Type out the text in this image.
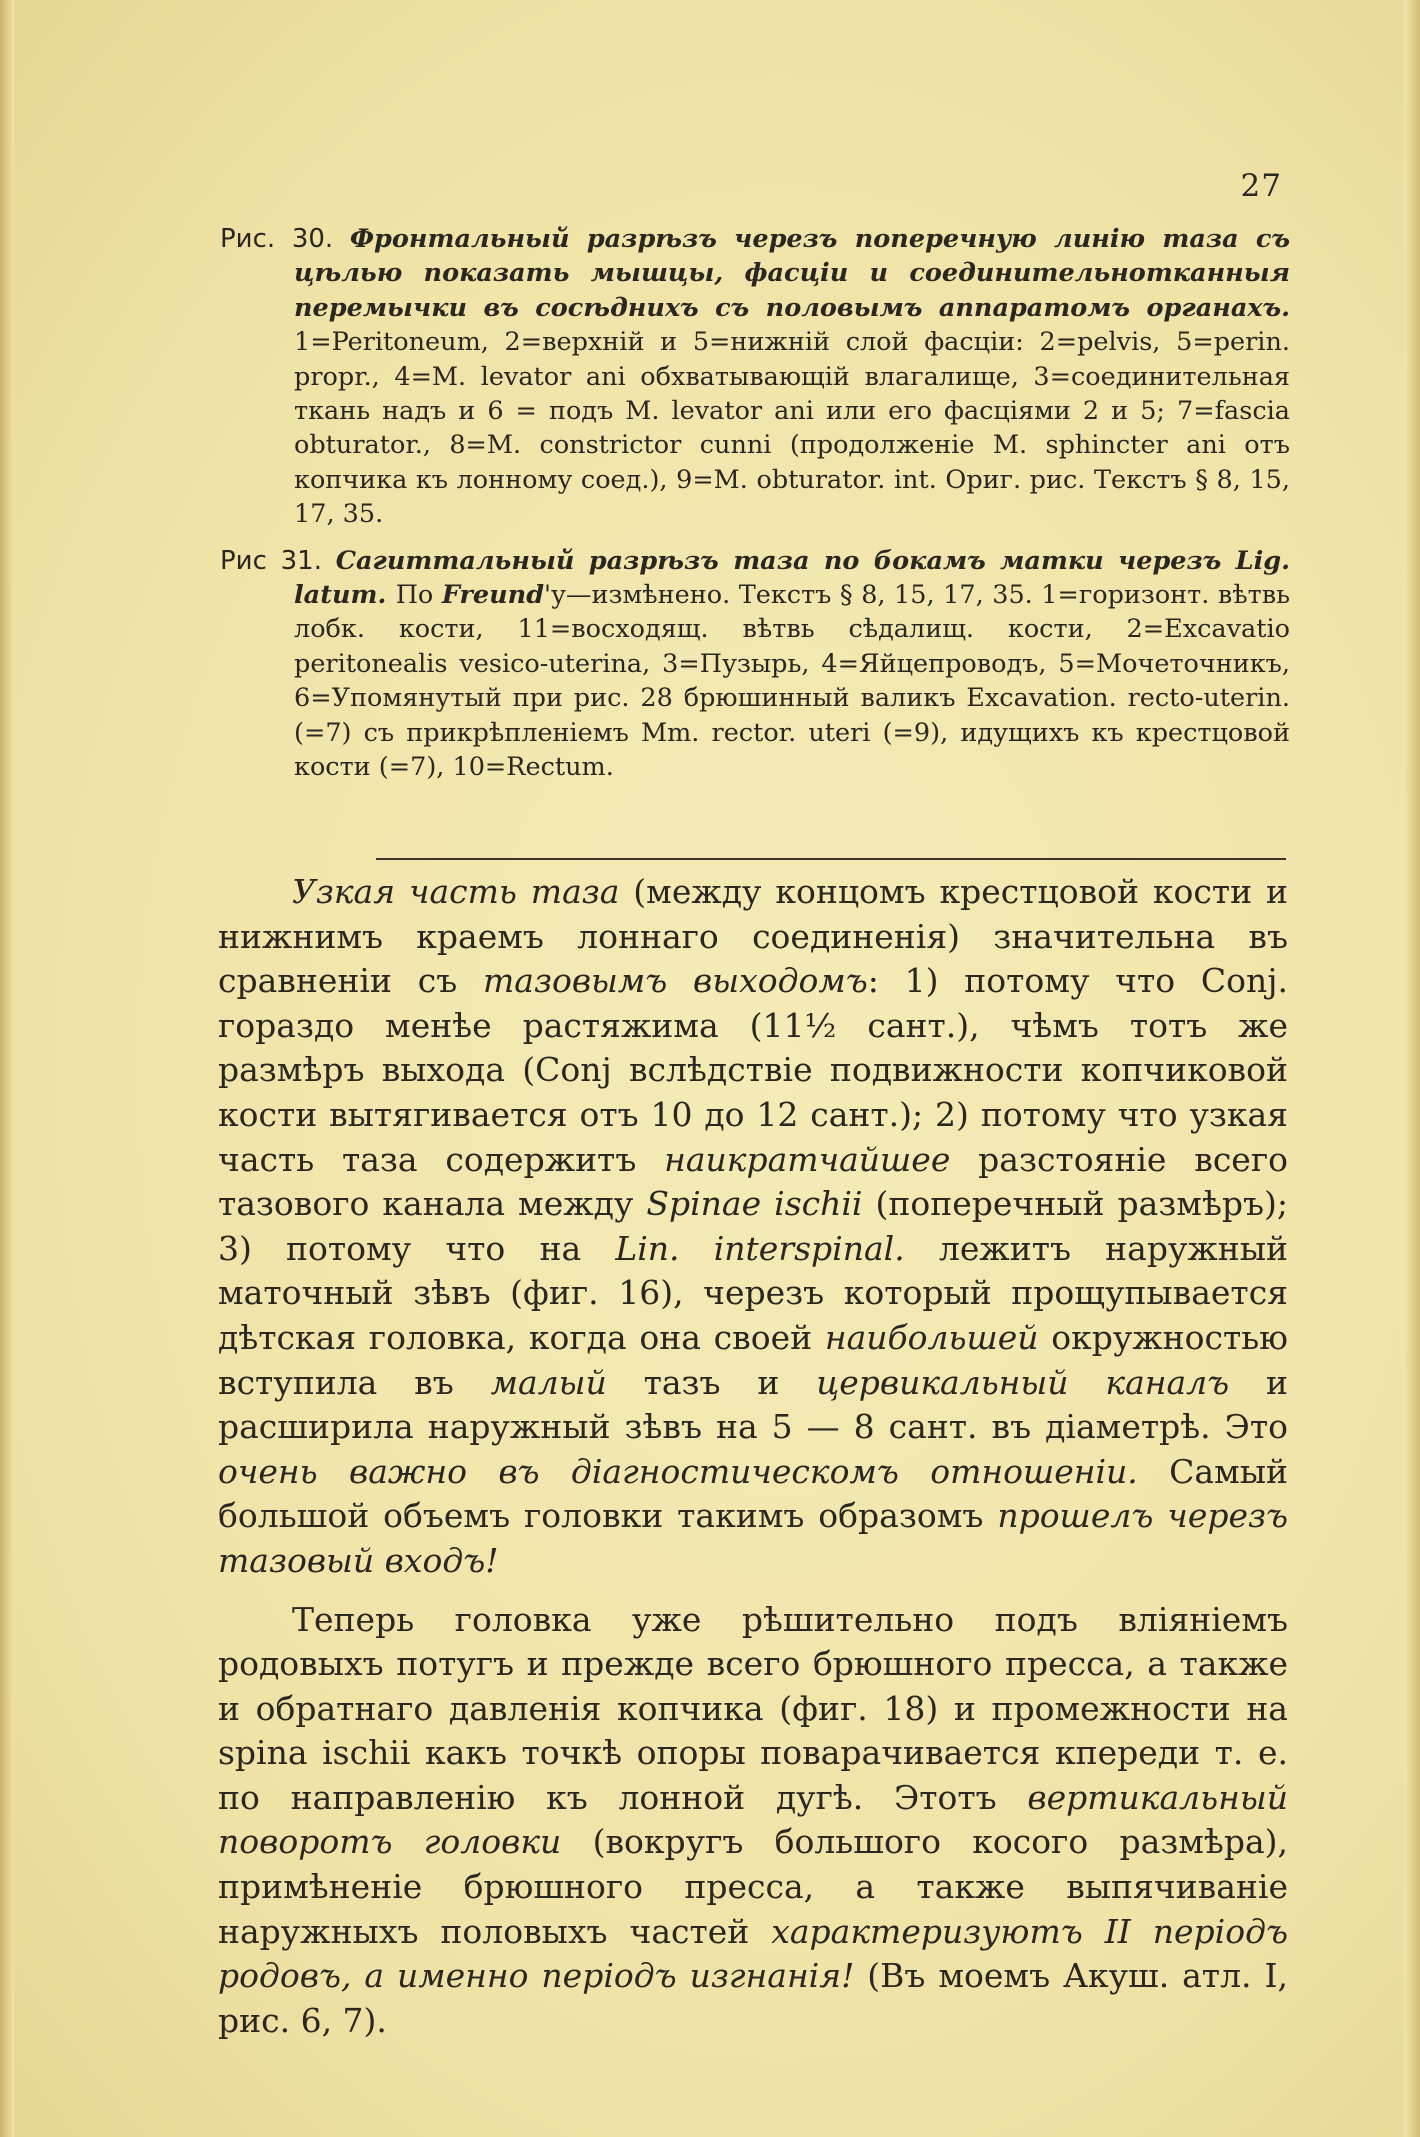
27
Рис. 30. Фронтальный разрѣзъ черезъ поперечную линію таза съ цѣлью показать мышцы, фасціи и соединительнотканныя перемычки въ сосѣднихъ съ половымъ аппаратомъ органахъ. 1=Peritoneum, 2=верхній и 5=нижній слой фасціи: 2=pelvis, 5=perin. propr., 4=M. levator ani обхватывающій влагалище, 3=соединительная ткань надъ и 6 = подъ M. levator ani или его фасціями 2 и 5; 7=fascia obturator., 8=M. constrictor cunni (продолженіе M. sphincter ani отъ копчика къ лонному соед.), 9=M. obturator. int. Ориг. рис. Текстъ § 8, 15, 17, 35.
Рис 31. Сагиттальный разрѣзъ таза по бокамъ матки черезъ Lig. latum. По Freund'у—измѣнено. Текстъ § 8, 15, 17, 35. 1=горизонт. вѣтвь лобк. кости, 11=восходящ. вѣтвь сѣдалищ. кости, 2=Excavatio peritonealis vesico-uterina, 3=Пузырь, 4=Яйцепроводъ, 5=Мочеточникъ, 6=Упомянутый при рис. 28 брюшинный валикъ Excavation. recto-uterin. (=7) съ прикрѣпленіемъ Mm. rector. uteri (=9), идущихъ къ крестцовой кости (=7), 10=Rectum.

Узкая часть таза (между концомъ крестцовой кости и нижнимъ краемъ лоннаго соединенія) значительна въ сравненіи съ тазовымъ выходомъ: 1) потому что Conj. гораздо менѣе растяжима (11½ сант.), чѣмъ тотъ же размѣръ выхода (Conj вслѣдствіе подвижности копчиковой кости вытягивается отъ 10 до 12 сант.); 2) потому что узкая часть таза содержитъ наикратчайшее разстояніе всего тазового канала между Spinae ischii (поперечный размѣръ); 3) потому что на Lin. interspinal. лежитъ наружный маточный зѣвъ (фиг. 16), черезъ который прощупывается дѣтская головка, когда она своей наибольшей окружностью вступила въ малый тазъ и цервикальный каналъ и расширила наружный зѣвъ на 5 — 8 сант. въ діаметрѣ. Это очень важно въ діагностическомъ отношеніи. Самый большой объемъ головки такимъ образомъ прошелъ черезъ тазовый входъ!

Теперь головка уже рѣшительно подъ вліяніемъ родовыхъ потугъ и прежде всего брюшного пресса, а также и обратнаго давленія копчика (фиг. 18) и промежности на spina ischii какъ точкѣ опоры поварачивается кпереди т. е. по направленію къ лонной дугѣ. Этотъ вертикальный поворотъ головки (вокругъ большого косого размѣра), примѣненіе брюшного пресса, а также выпячиваніе наружныхъ половыхъ частей характеризуютъ II періодъ родовъ, а именно періодъ изгнанія! (Въ моемъ Акуш. атл. I, рис. 6, 7).
